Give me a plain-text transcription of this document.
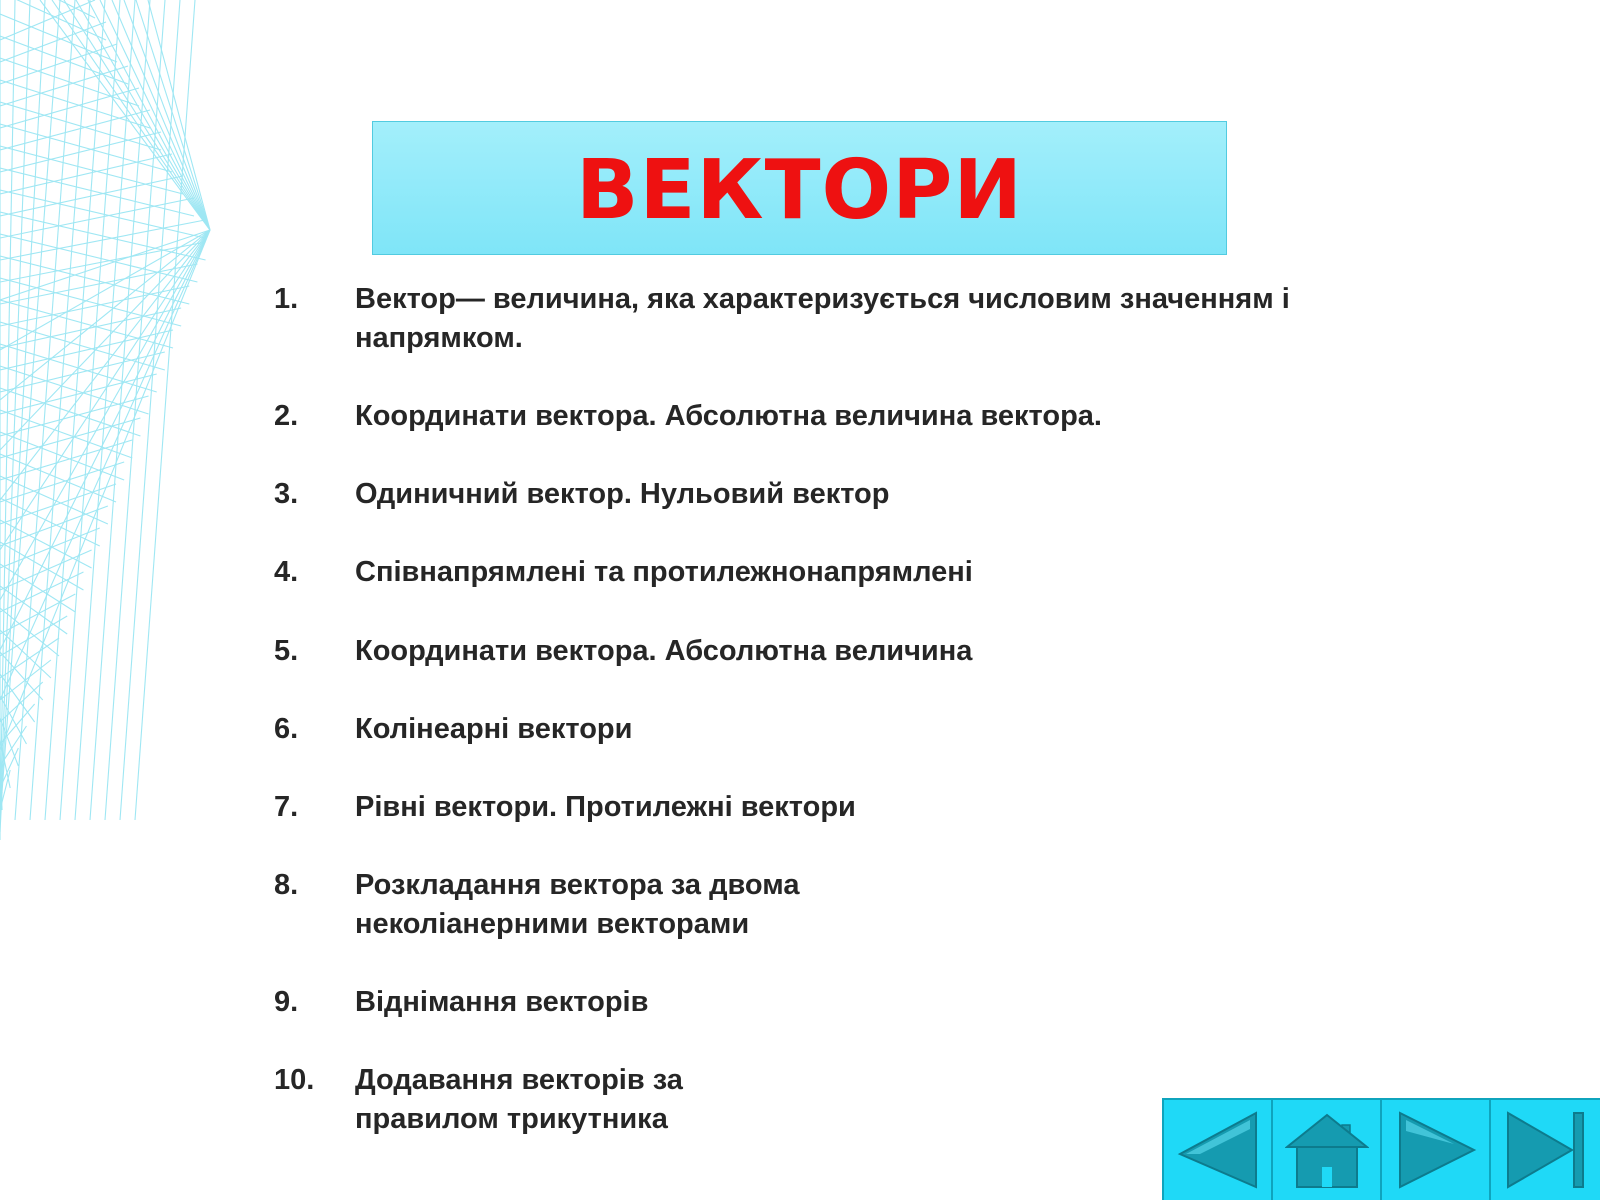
ВЕКТОРИ
1.	Вектор— величина, яка характеризується числовим значенням і
напрямком.
2.	Координати вектора. Абсолютна величина вектора.
3.	Одиничний вектор. Нульовий вектор
4.	Співнапрямлені та протилежнонапрямлені
5.	Координати вектора. Абсолютна величина
6.	Колінеарні вектори
7.	Рівні вектори. Протилежні вектори
8.	Розкладання вектора за двома
неколіанерними векторами
9.	Віднімання векторів
10.	Додавання векторів за
правилом трикутника
